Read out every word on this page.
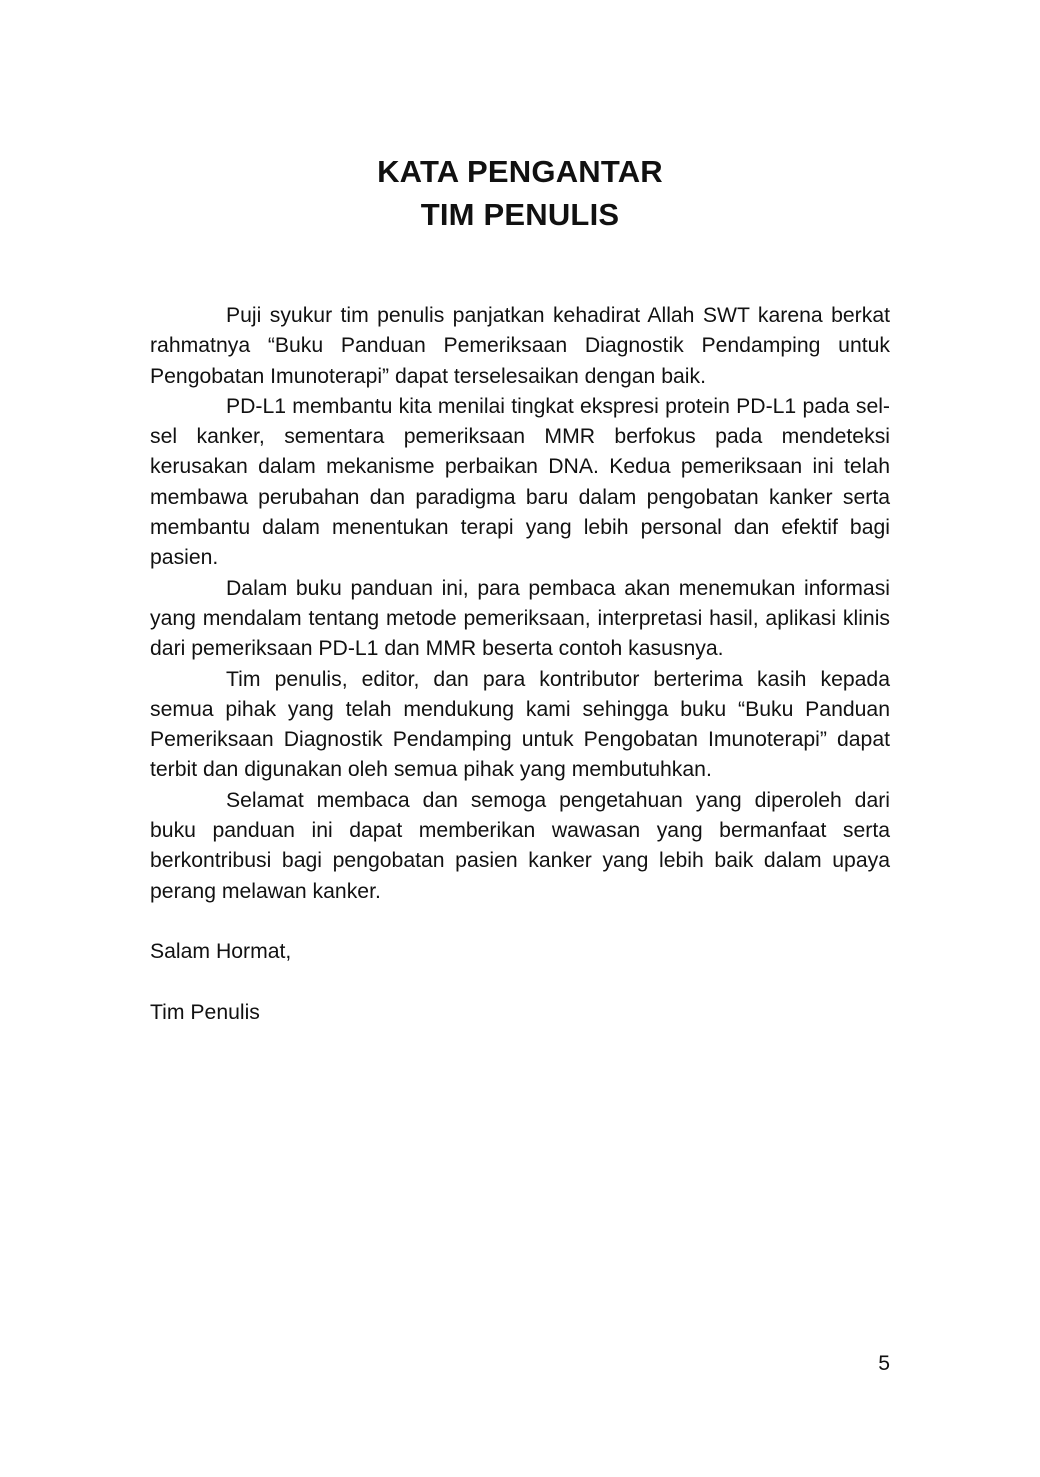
KATA PENGANTAR

TIM PENULIS

Puji syukur tim penulis panjatkan kehadirat Allah SWT karena berkat rahmatnya “Buku Panduan Pemeriksaan Diagnostik Pendamping untuk Pengobatan Imunoterapi” dapat terselesaikan dengan baik.

PD-L1 membantu kita menilai tingkat ekspresi protein PD-L1 pada sel-sel kanker, sementara pemeriksaan MMR berfokus pada mendeteksi kerusakan dalam mekanisme perbaikan DNA. Kedua pemeriksaan ini telah membawa perubahan dan paradigma baru dalam pengobatan kanker serta membantu dalam menentukan terapi yang lebih personal dan efektif bagi pasien.

Dalam buku panduan ini, para pembaca akan menemukan informasi yang mendalam tentang metode pemeriksaan, interpretasi hasil, aplikasi klinis dari pemeriksaan PD-L1 dan MMR beserta contoh kasusnya.

Tim penulis, editor, dan para kontributor berterima kasih kepada semua pihak yang telah mendukung kami sehingga buku “Buku Panduan Pemeriksaan Diagnostik Pendamping untuk Pengobatan Imunoterapi” dapat terbit dan digunakan oleh semua pihak yang membutuhkan.

Selamat membaca dan semoga pengetahuan yang diperoleh dari buku panduan ini dapat memberikan wawasan yang bermanfaat serta berkontribusi bagi pengobatan pasien kanker yang lebih baik dalam upaya perang melawan kanker.

Salam Hormat,

Tim Penulis

5
